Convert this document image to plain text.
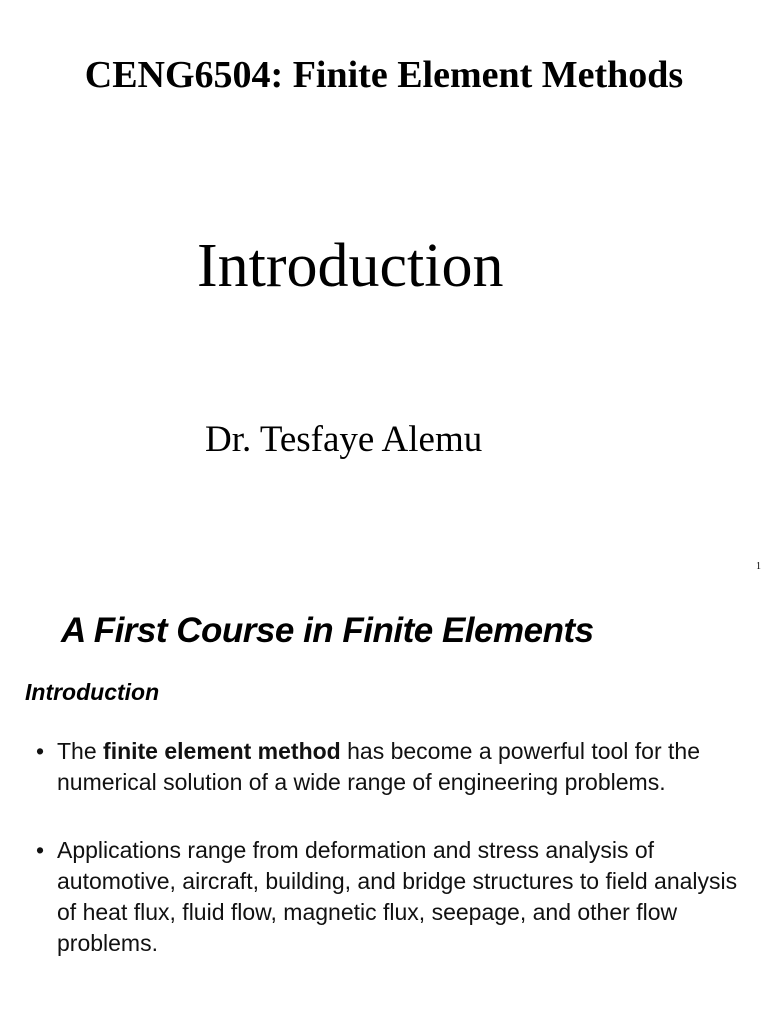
CENG6504: Finite Element Methods
Introduction

Dr. Tesfaye Alemu

1
A First Course in Finite Elements
Introduction
• The finite element method has become a powerful tool for the numerical solution of a wide range of engineering problems.
• Applications range from deformation and stress analysis of automotive, aircraft, building, and bridge structures to field analysis of heat flux, fluid flow, magnetic flux, seepage, and other flow problems.
